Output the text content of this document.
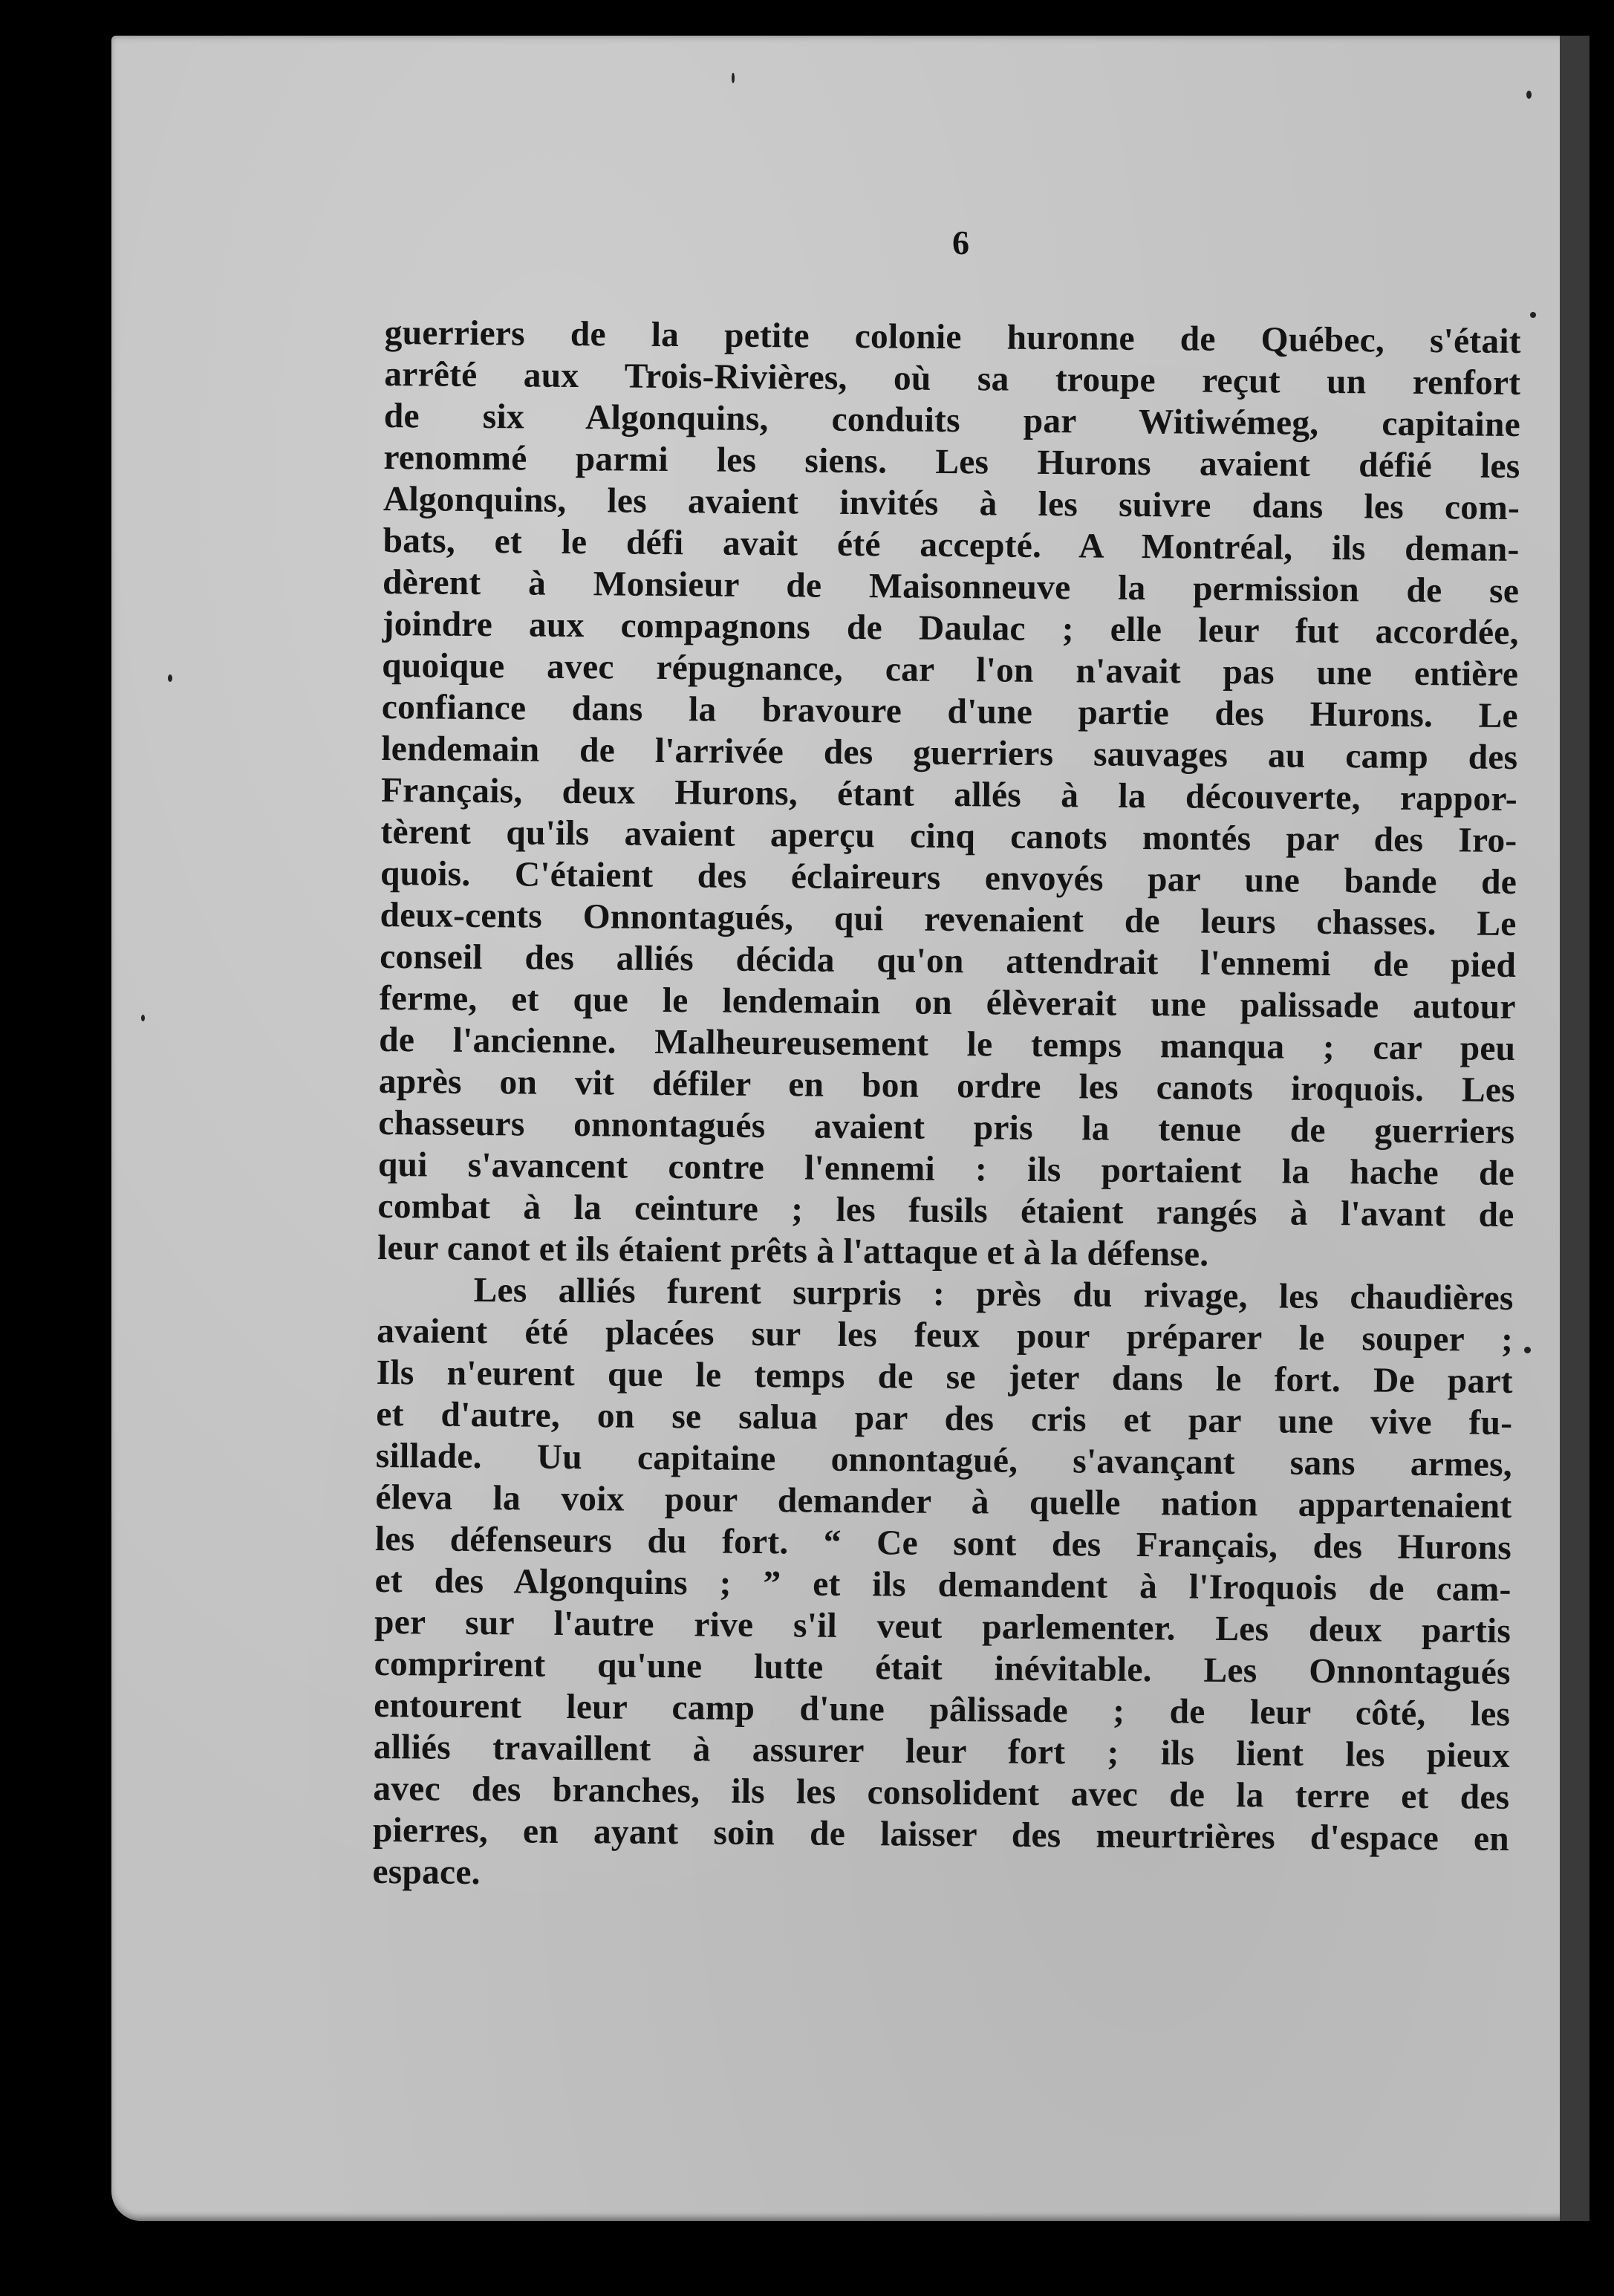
6
guerriers de la petite colonie huronne de Québec, s'était
arrêté aux Trois-Rivières, où sa troupe reçut un renfort
de six Algonquins, conduits par Witiwémeg, capitaine
renommé parmi les siens. Les Hurons avaient défié les
Algonquins, les avaient invités à les suivre dans les com-
bats, et le défi avait été accepté. A Montréal, ils deman-
dèrent à Monsieur de Maisonneuve la permission de se
joindre aux compagnons de Daulac ; elle leur fut accordée,
quoique avec répugnance, car l'on n'avait pas une entière
confiance dans la bravoure d'une partie des Hurons. Le
lendemain de l'arrivée des guerriers sauvages au camp des
Français, deux Hurons, étant allés à la découverte, rappor-
tèrent qu'ils avaient aperçu cinq canots montés par des Iro-
quois. C'étaient des éclaireurs envoyés par une bande de
deux-cents Onnontagués, qui revenaient de leurs chasses. Le
conseil des alliés décida qu'on attendrait l'ennemi de pied
ferme, et que le lendemain on élèverait une palissade autour
de l'ancienne. Malheureusement le temps manqua ; car peu
après on vit défiler en bon ordre les canots iroquois. Les
chasseurs onnontagués avaient pris la tenue de guerriers
qui s'avancent contre l'ennemi : ils portaient la hache de
combat à la ceinture ; les fusils étaient rangés à l'avant de
leur canot et ils étaient prêts à l'attaque et à la défense.
Les alliés furent surpris : près du rivage, les chaudières
avaient été placées sur les feux pour préparer le souper ;
Ils n'eurent que le temps de se jeter dans le fort. De part
et d'autre, on se salua par des cris et par une vive fu-
sillade. Uu capitaine onnontagué, s'avançant sans armes,
éleva la voix pour demander à quelle nation appartenaient
les défenseurs du fort. “ Ce sont des Français, des Hurons
et des Algonquins ; ” et ils demandent à l'Iroquois de cam-
per sur l'autre rive s'il veut parlementer. Les deux partis
comprirent qu'une lutte était inévitable. Les Onnontagués
entourent leur camp d'une pâlissade ; de leur côté, les
alliés travaillent à assurer leur fort ; ils lient les pieux
avec des branches, ils les consolident avec de la terre et des
pierres, en ayant soin de laisser des meurtrières d'espace en
espace.
